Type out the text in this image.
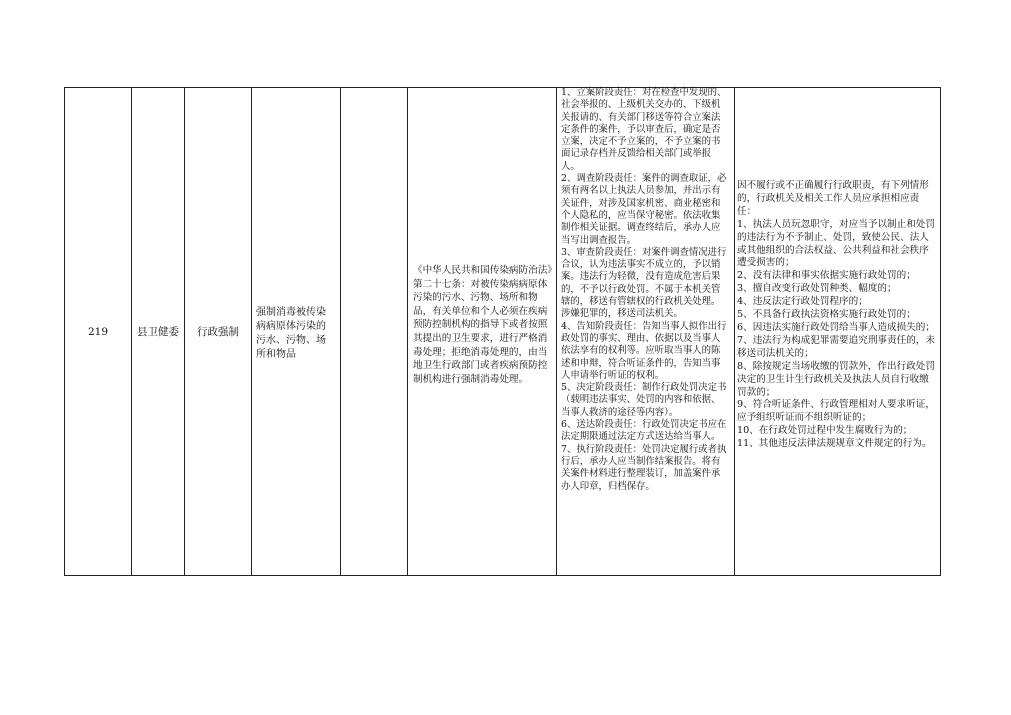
219	县卫健委 行政强制
强制消毒被传染病病原体污染的污水、污物、场所和物品
《中华人民共和国传染病防治法》第二十七条：对被传染病病原体污染的污水、污物、场所和物品，有关单位和个人必须在疾病预防控制机构的指导下或者按照其提出的卫生要求，进行严格消毒处理；拒绝消毒处理的，由当地卫生行政部门或者疾病预防控制机构进行强制消毒处理。
1、立案阶段责任：对在检查中发现的、社会举报的、上级机关交办的、下级机关报请的、有关部门移送等符合立案法定条件的案件，予以审查后，确定是否立案，决定不予立案的，不予立案的书面记录存档并反馈给相关部门或举报人。
2、调查阶段责任：案件的调查取证，必须有两名以上执法人员参加，并出示有关证件，对涉及国家机密、商业秘密和个人隐私的，应当保守秘密。依法收集制作相关证据。调查终结后，承办人应当写出调查报告。
3、审查阶段责任：对案件调查情况进行合议，认为违法事实不成立的，予以销案。违法行为轻微，没有造成危害后果的，不予以行政处罚。不属于本机关管辖的，移送有管辖权的行政机关处理。涉嫌犯罪的，移送司法机关。
4、告知阶段责任：告知当事人拟作出行政处罚的事实、理由、依据以及当事人依法享有的权利等。应听取当事人的陈述和申辩，符合听证条件的，告知当事人申请举行听证的权利。
5、决定阶段责任：制作行政处罚决定书（载明违法事实、处罚的内容和依据、当事人救济的途径等内容）。
6、送达阶段责任：行政处罚决定书应在法定期限通过法定方式送达给当事人。
7、执行阶段责任：处罚决定履行或者执行后，承办人应当制作结案报告。将有关案件材料进行整理装订，加盖案件承办人印章，归档保存。
因不履行或不正确履行行政职责，有下列情形的，行政机关及相关工作人员应承担相应责任：
1、执法人员玩忽职守，对应当予以制止和处罚的违法行为不予制止、处罚，致使公民、法人或其他组织的合法权益、公共利益和社会秩序遭受损害的；
2、没有法律和事实依据实施行政处罚的；
3、擅自改变行政处罚种类、幅度的；
4、违反法定行政处罚程序的；
5、不具备行政执法资格实施行政处罚的；
6、因违法实施行政处罚给当事人造成损失的；
7、违法行为构成犯罪需要追究刑事责任的，未移送司法机关的；
8、除按规定当场收缴的罚款外，作出行政处罚决定的卫生计生行政机关及执法人员自行收缴罚款的；
9、符合听证条件、行政管理相对人要求听证，应予组织听证而不组织听证的；
10、在行政处罚过程中发生腐败行为的；
11、其他违反法律法规规章文件规定的行为。
